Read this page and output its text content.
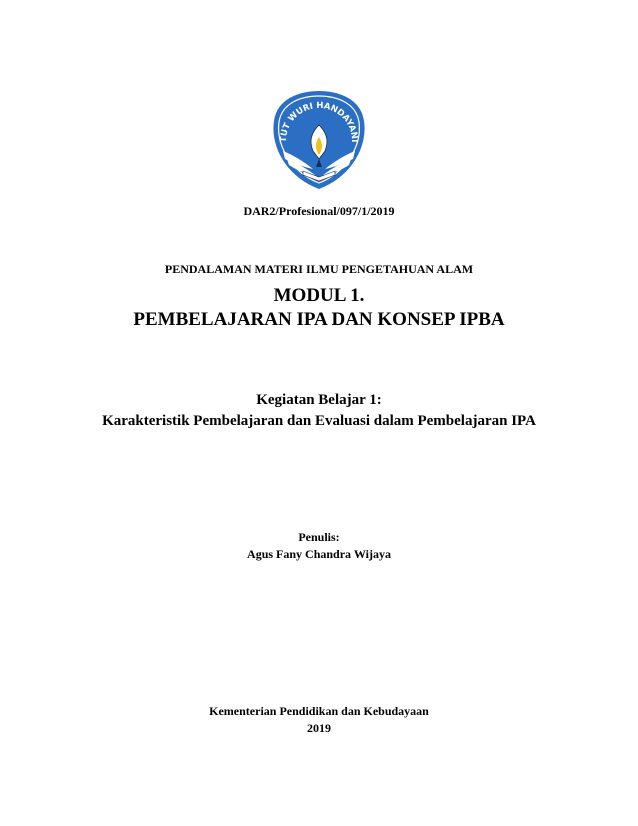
TUT WURI HANDAYANI
DAR2/Profesional/097/1/2019
PENDALAMAN MATERI ILMU PENGETAHUAN ALAM
MODUL 1.
PEMBELAJARAN IPA DAN KONSEP IPBA
Kegiatan Belajar 1:
Karakteristik Pembelajaran dan Evaluasi dalam Pembelajaran IPA
Penulis:
Agus Fany Chandra Wijaya
Kementerian Pendidikan dan Kebudayaan
2019
